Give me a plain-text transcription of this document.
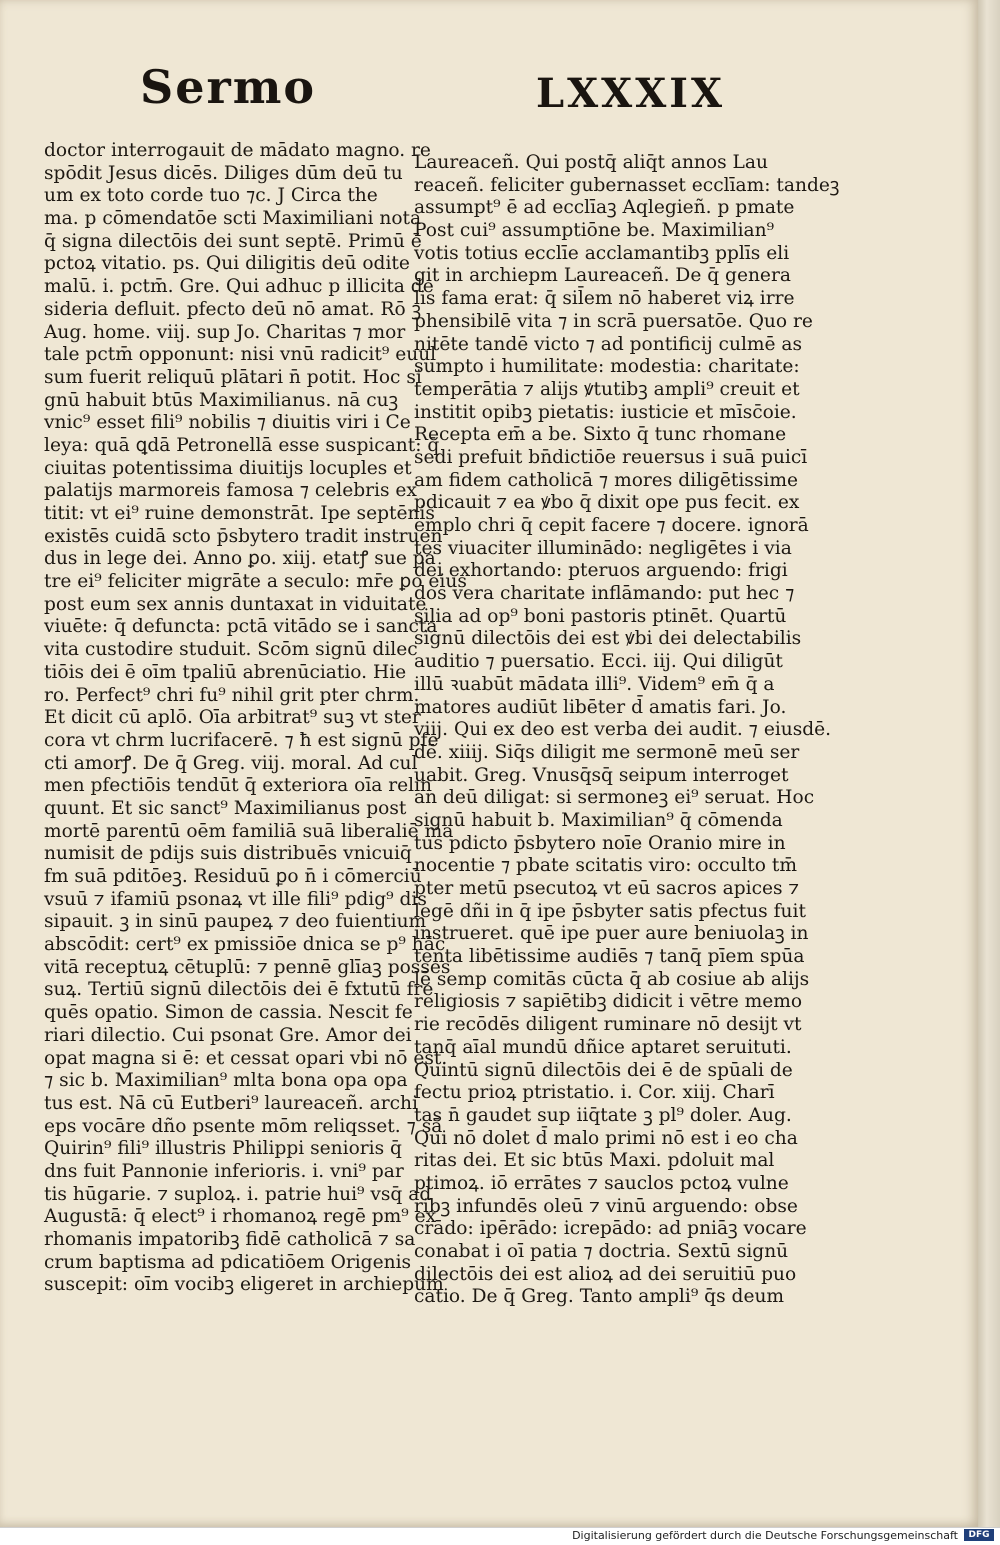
Sermo	LXXXIX
doctor interrogauit de mādato magno. re
spōdit Jesus dicēs. Diliges dūm deū tu
um ex toto corde tuo ⁊c. J Circa the
ma. p cōmendatōe scti Maximiliani nota
q̄ signa dilectōis dei sunt septē. Primū ē
pctoꝝ vitatio. ps. Qui diligitis deū odite
malū. i. pctm̄. Gre. Qui adhuc p illicita de
sideria defluit. pfecto deū nō amat. Rō ꝫ
Aug. home. viij. sup Jo. Charitas ⁊ mor
tale pctm̄ opponunt: nisi vnū radicit⁹ euul
sum fuerit reliquū plātari n̄ potit. Hoc si
gnū habuit btūs Maximilianus. nā cuꝫ
vnic⁹ esset fili⁹ nobilis ⁊ diuitis viri i Ce
leya: quā ꝗdā Petronellā esse suspicant: q̄
ciuitas potentissima diuitijs locuples et
palatijs marmoreis famosa ⁊ celebris ex
titit: vt ei⁹ ruine demonstrāt. Ipe septēnis
existēs cuidā scto p̄sbytero tradit instruen
dus in lege dei. Anno ꝑo. xiij. etatꝭ sue pa
tre ei⁹ feliciter migrāte a seculo: mr̄e ꝑo eius
post eum sex annis duntaxat in viduitate
viuēte: q̄ defuncta: pctā vitādo se i sancta
vita custodire studuit. Scōm signū dilec
tiōis dei ē oīm tpaliū abrenūciatio. Hie
ro. Perfect⁹ chri fu⁹ nihil grit pter chrm.
Et dicit cū aplō. Oīa arbitrat⁹ suꝫ vt ster
cora vt chrm lucrifacerē. ⁊ ħ est signū pfe
cti amorꝭ. De q̄ Greg. viij. moral. Ad cul
men pfectiōis tendūt q̄ exteriora oīa relin
quunt. Et sic sanct⁹ Maximilianus post
mortē parentū oēm familiā suā liberaliē ma
numisit de pdijs suis distribuēs vnicuiq̄
fm suā pditōeꝫ. Residuū ꝑo n̄ i cōmerciū
vsuū ⁊ ifamiū psonaꝝ vt ille fili⁹ pdig⁹ dis
sipauit. ꝫ in sinū paupeꝝ ⁊ deo fuientium
abscōdit: cert⁹ ex pmissiōe dnica se p⁹ hāc
vitā receptuꝝ cētuplū: ⁊ pennē glīaꝫ posses
suꝝ. Tertiū signū dilectōis dei ē fxtutū fre
quēs opatio. Simon de cassia. Nescit fe
riari dilectio. Cui psonat Gre. Amor dei
opat magna si ē: et cessat opari vbi nō est.
⁊ sic b. Maximilian⁹ mlta bona opa opa
tus est. Nā cū Eutberi⁹ laureaceñ. archi
eps vocāre dño psente mōm reliqsset. ⁊ sā
Quirin⁹ fili⁹ illustris Philippi senioris q̄
dns fuit Pannonie inferioris. i. vni⁹ par
tis hūgarie. ⁊ suploꝝ. i. patrie hui⁹ vsq̄ ad
Augustā: q̄ elect⁹ i rhomanoꝝ regē pm⁹ ex
rhomanis impatoribꝫ fidē catholicā ⁊ sa
crum baptisma ad pdicatiōem Origenis
suscepit: oīm vocibꝫ eligeret in archiepum
Laureaceñ. Qui postq̄ aliq̄t annos Lau
reaceñ. feliciter gubernasset ecclīam: tandeꝫ
assumpt⁹ ē ad ecclīaꝫ Aqlegieñ. p pmate
Post cui⁹ assumptiōne be. Maximilian⁹
votis totius ecclīe acclamantibꝫ pplīs eli
git in archiepm Laureaceñ. De q̄ genera
lis fama erat: q̄ sil̄em nō haberet viꝝ irre
phensibilē vita ⁊ in scrā puersatōe. Quo re
nitēte tandē victo ⁊ ad pontificij culmē as
sumpto i humilitate: modestia: charitate:
temperātia ⁊ alijs ꝟtutibꝫ ampli⁹ creuit et
institit opibꝫ pietatis: iusticie et mīsc̄oie.
Recepta em̄ a be. Sixto q̄ tunc rhomane
sedi prefuit bn̄dictiōe reuersus i suā pui̇cī
am fidem catholicā ⁊ mores diligētissime
pdicauit ⁊ ea ꝟbo q̄ dixit ope pus fecit. ex
emplo chri q̄ cepit facere ⁊ docere. ignorā
tes viuaciter illuminādo: negligētes i via
dei exhortando: pteruos arguendo: frigi
dos vera charitate inflāmando: put hec ⁊
silia ad op⁹ boni pastoris ptinēt. Quartū
signū dilectōis dei est ꝟbi dei delectabilis
auditio ⁊ puersatio. Ecci. iij. Qui diligūt
illū ꝛuabūt mādata illi⁹. Videm⁹ em̄ q̄ a
matores audiūt libēter d̄ amatis fari. Jo.
viij. Qui ex deo est verba dei audit. ⁊ eiusdē.
dē. xiiij. Siq̄s diligit me sermonē meū ser
uabit. Greg. Vnusq̄sq̄ seipum interroget
an deū diligat: si sermoneꝫ ei⁹ seruat. Hoc
signū habuit b. Maximilian⁹ q̄ cōmenda
tus pdicto p̄sbytero noīe Oranio mire in
nocentie ⁊ pbate scitatis viro: occulto tm̄
pter metū psecutoꝝ vt eū sacros apices ⁊
legē dñi in q̄ ipe p̄sbyter satis pfectus fuit
instrueret. quē ipe puer aure beniuolaꝫ in
tenta libētissime audiēs ⁊ tanq̄ pīem spūa
lē semp comitās cūcta q̄ ab cosiue ab alijs
religiosis ⁊ sapiētibꝫ didicit i vētre memo
rie recōdēs diligent ruminare nō desijt vt
tanq̄ aīal mundū dñice aptaret seruituti.
Quintū signū dilectōis dei ē de spūali de
fectu prioꝝ ptristatio. i. Cor. xiij. Charī
tas n̄ gaudet sup iiq̄tate ꝫ pl⁹ doler. Aug.
Qui nō dolet d̄ malo primi nō est i eo cha
ritas dei. Et sic btūs Maxi. pdoluit mal
ptimoꝝ. iō errātes ⁊ sauclos pctoꝝ vulne
ribꝫ infundēs oleū ⁊ vinū arguendo: obse
crādo: ipērādo: icrepādo: ad pniāꝫ vocare
conabat i oī patia ⁊ doctria. Sextū signū
dilectōis dei est alioꝝ ad dei seruitiū puo
catio. De q̄ Greg. Tanto ampli⁹ q̄s deum
Digitalisierung gefördert durch die Deutsche Forschungsgemeinschaft	DFG
